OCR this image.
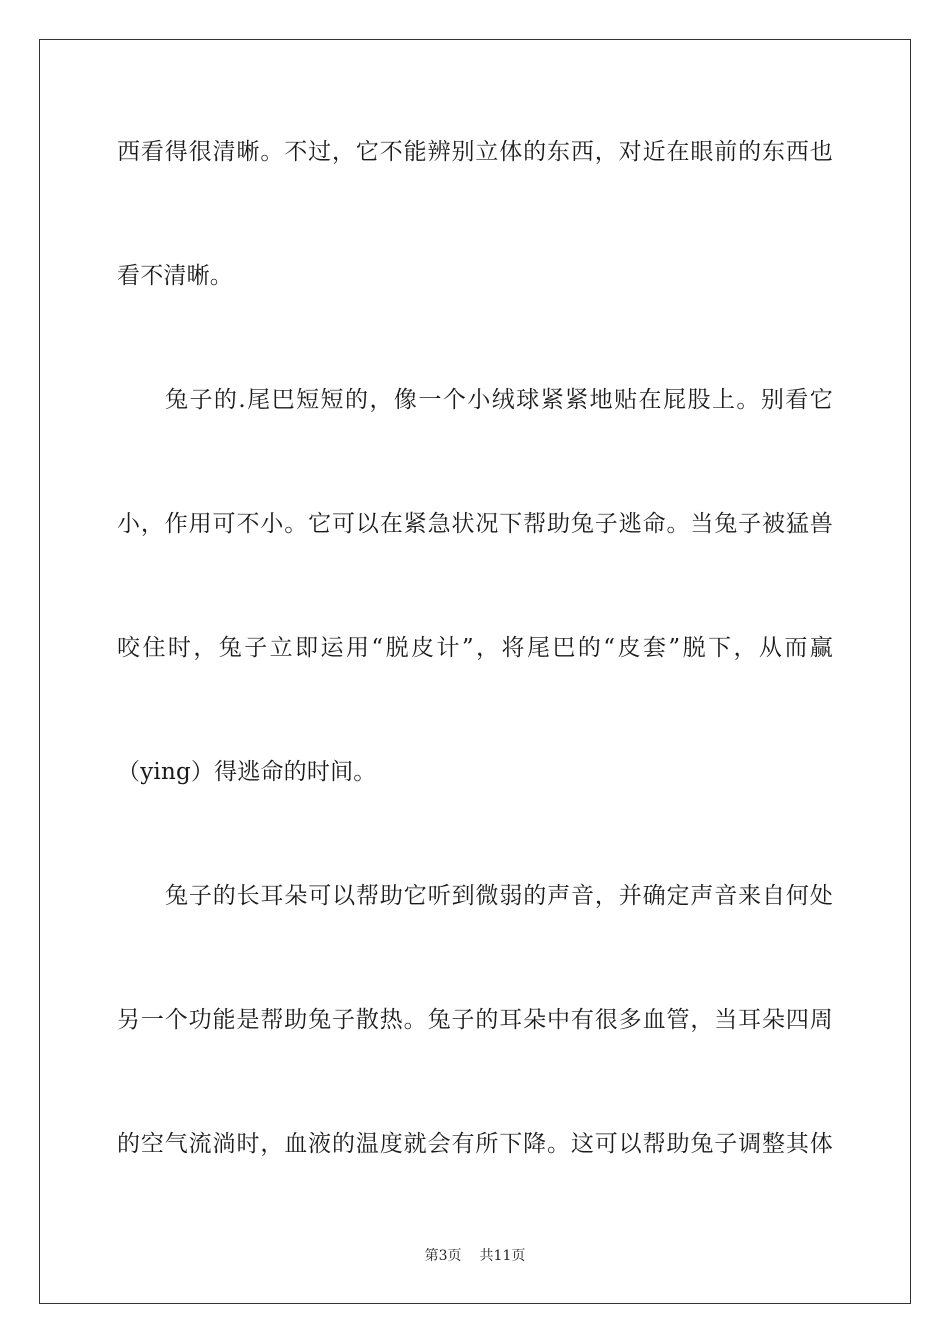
西看得很清晰。不过，它不能辨别立体的东西，对近在眼前的东西也
看不清晰。
兔子的.尾巴短短的，像一个小绒球紧紧地贴在屁股上。别看它
小，作用可不小。它可以在紧急状况下帮助兔子逃命。当兔子被猛兽
咬住时，兔子立即运用“脱皮计”，将尾巴的“皮套”脱下，从而赢
（ying）得逃命的时间。
兔子的长耳朵可以帮助它听到微弱的声音，并确定声音来自何处
另一个功能是帮助兔子散热。兔子的耳朵中有很多血管，当耳朵四周
的空气流淌时，血液的温度就会有所下降。这可以帮助兔子调整其体
第3页 共11页
